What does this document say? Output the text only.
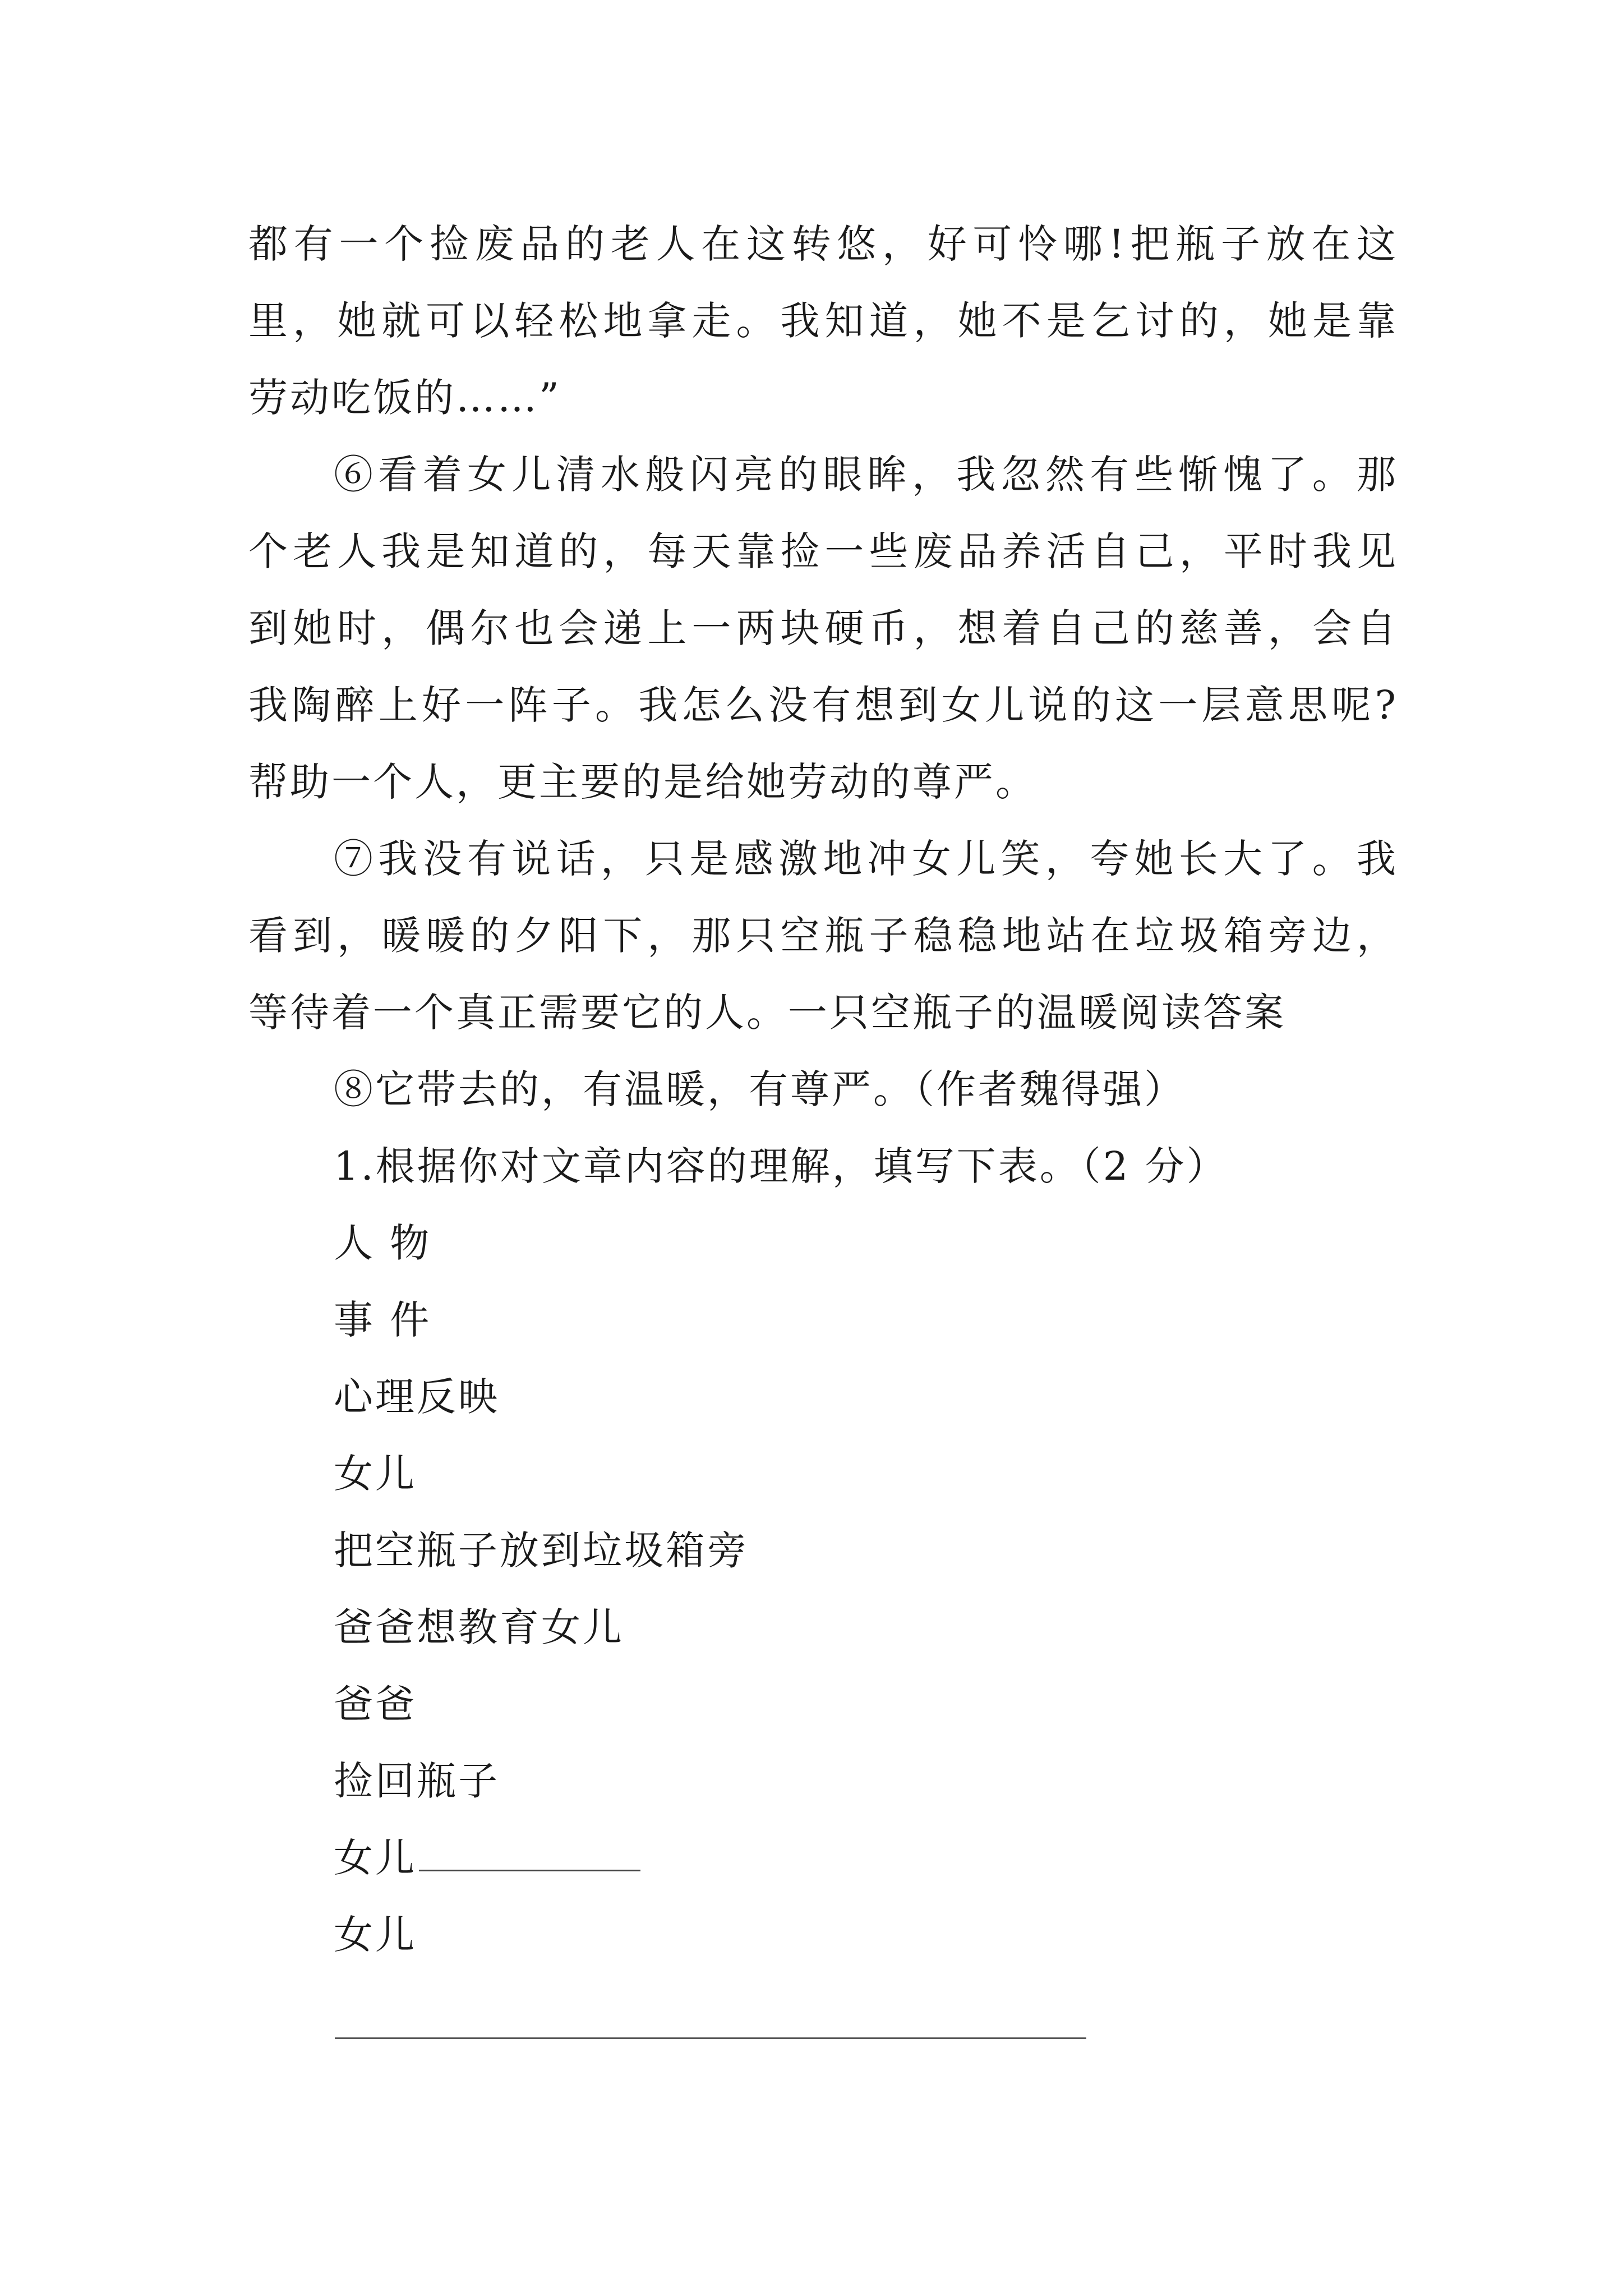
都有一个捡废品的老人在这转悠，好可怜哪!把瓶子放在这
里，她就可以轻松地拿走。我知道，她不是乞讨的，她是靠
劳动吃饭的……”
⑥看着女儿清水般闪亮的眼眸，我忽然有些惭愧了。那
个老人我是知道的，每天靠捡一些废品养活自己，平时我见
到她时，偶尔也会递上一两块硬币，想着自己的慈善，会自
我陶醉上好一阵子。我怎么没有想到女儿说的这一层意思呢?
帮助一个人，更主要的是给她劳动的尊严。
⑦我没有说话，只是感激地冲女儿笑，夸她长大了。我
看到，暖暖的夕阳下，那只空瓶子稳稳地站在垃圾箱旁边，
等待着一个真正需要它的人。一只空瓶子的温暖阅读答案
⑧它带去的，有温暖，有尊严。（作者魏得强）
1.根据你对文章内容的理解，填写下表。（2 分）
人 物
事 件
心理反映
女儿
把空瓶子放到垃圾箱旁
爸爸想教育女儿
爸爸
捡回瓶子
女儿
女儿
